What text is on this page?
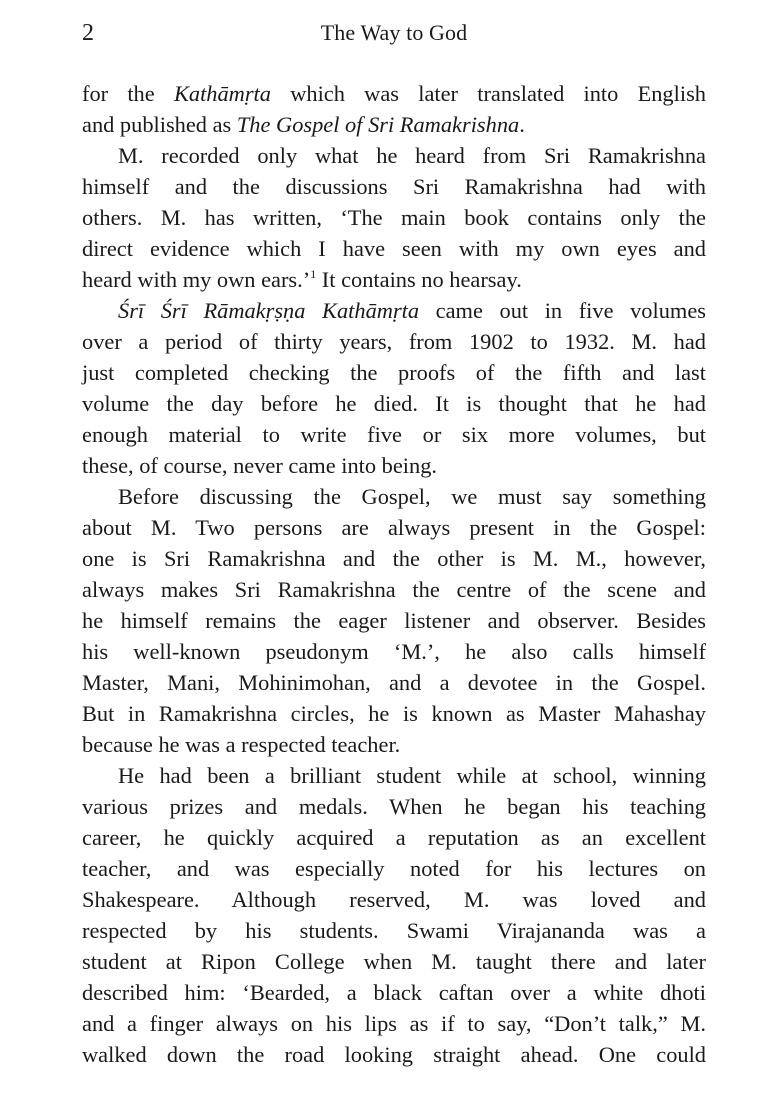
2	The Way to God
for the Kathāmṛta which was later translated into English
and published as The Gospel of Sri Ramakrishna.
M. recorded only what he heard from Sri Ramakrishna
himself and the discussions Sri Ramakrishna had with
others. M. has written, ‘The main book contains only the
direct evidence which I have seen with my own eyes and
heard with my own ears.’$^1$ It contains no hearsay.
Śrī Śrī Rāmakṛṣṇa Kathāmṛta came out in five volumes
over a period of thirty years, from 1902 to 1932. M. had
just completed checking the proofs of the fifth and last
volume the day before he died. It is thought that he had
enough material to write five or six more volumes, but
these, of course, never came into being.
Before discussing the Gospel, we must say something
about M. Two persons are always present in the Gospel:
one is Sri Ramakrishna and the other is M. M., however,
always makes Sri Ramakrishna the centre of the scene and
he himself remains the eager listener and observer. Besides
his well-known pseudonym ‘M.’, he also calls himself
Master, Mani, Mohinimohan, and a devotee in the Gospel.
But in Ramakrishna circles, he is known as Master Mahashay
because he was a respected teacher.
He had been a brilliant student while at school, winning
various prizes and medals. When he began his teaching
career, he quickly acquired a reputation as an excellent
teacher, and was especially noted for his lectures on
Shakespeare. Although reserved, M. was loved and
respected by his students. Swami Virajananda was a
student at Ripon College when M. taught there and later
described him: ‘Bearded, a black caftan over a white dhoti
and a finger always on his lips as if to say, “Don’t talk,” M.
walked down the road looking straight ahead. One could
